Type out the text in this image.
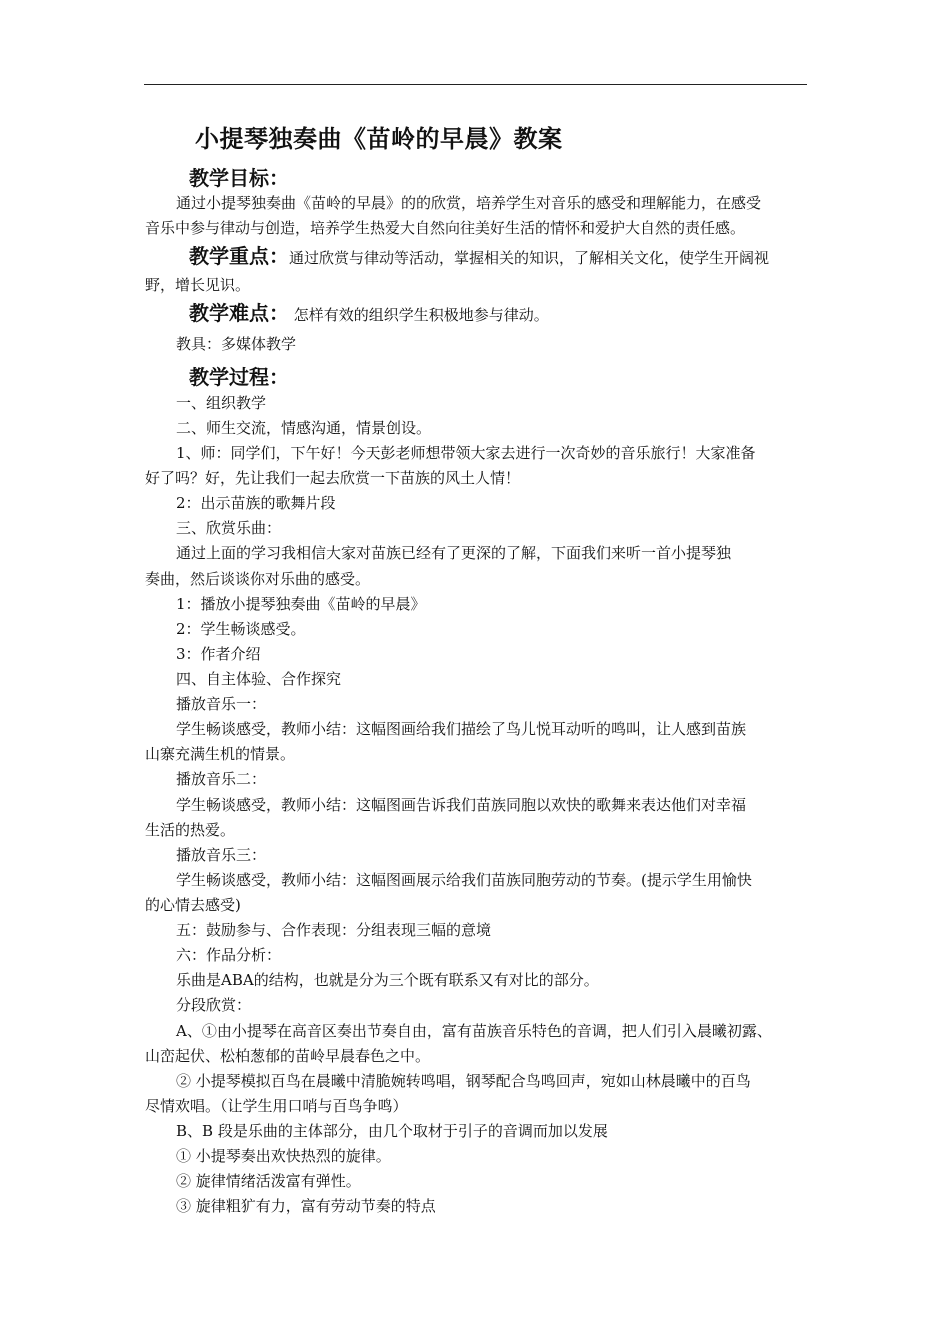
小提琴独奏曲《苗岭的早晨》教案
教学目标：
通过小提琴独奏曲《苗岭的早晨》的的欣赏，培养学生对音乐的感受和理解能力，在感受
音乐中参与律动与创造，培养学生热爱大自然向往美好生活的情怀和爱护大自然的责任感。
教学重点：通过欣赏与律动等活动，掌握相关的知识，了解相关文化，使学生开阔视
野，增长见识。
教学难点： 怎样有效的组织学生积极地参与律动。
教具：多媒体教学
教学过程：
一、组织教学
二、师生交流，情感沟通，情景创设。
1、师：同学们，下午好！今天彭老师想带领大家去进行一次奇妙的音乐旅行！大家准备
好了吗？好，先让我们一起去欣赏一下苗族的风土人情！
2：出示苗族的歌舞片段
三、欣赏乐曲：
通过上面的学习我相信大家对苗族已经有了更深的了解，下面我们来听一首小提琴独
奏曲，然后谈谈你对乐曲的感受。
1：播放小提琴独奏曲《苗岭的早晨》
2：学生畅谈感受。
3：作者介绍
四、自主体验、合作探究
播放音乐一：
学生畅谈感受，教师小结：这幅图画给我们描绘了鸟儿悦耳动听的鸣叫，让人感到苗族
山寨充满生机的情景。
播放音乐二：
学生畅谈感受，教师小结：这幅图画告诉我们苗族同胞以欢快的歌舞来表达他们对幸福
生活的热爱。
播放音乐三：
学生畅谈感受，教师小结：这幅图画展示给我们苗族同胞劳动的节奏。(提示学生用愉快
的心情去感受)
五：鼓励参与、合作表现：分组表现三幅的意境
六：作品分析：
乐曲是ABA的结构，也就是分为三个既有联系又有对比的部分。
分段欣赏：
A、①由小提琴在高音区奏出节奏自由，富有苗族音乐特色的音调，把人们引入晨曦初露、
山峦起伏、松柏葱郁的苗岭早晨春色之中。
② 小提琴模拟百鸟在晨曦中清脆婉转鸣唱，钢琴配合鸟鸣回声，宛如山林晨曦中的百鸟
尽情欢唱。（让学生用口哨与百鸟争鸣）
B、B 段是乐曲的主体部分，由几个取材于引子的音调而加以发展
① 小提琴奏出欢快热烈的旋律。
② 旋律情绪活泼富有弹性。
③ 旋律粗犷有力，富有劳动节奏的特点
